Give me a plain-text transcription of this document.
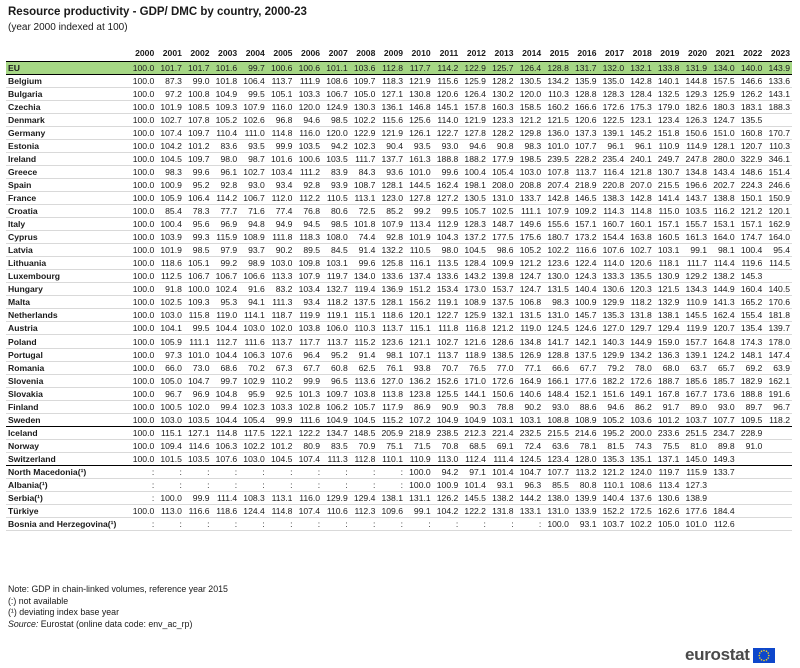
Resource productivity - GDP/ DMC by country, 2000-23
(year 2000 indexed at 100)
	2000	2001	2002	2003	2004	2005	2006	2007	2008	2009	2010	2011	2012	2013	2014	2015	2016	2017	2018	2019	2020	2021	2022	2023
EU	100.0	101.7	101.7	101.6	99.7	100.6	100.6	101.1	103.6	112.8	117.7	114.2	122.9	125.7	126.4	128.8	131.7	132.0	132.1	133.8	131.9	134.0	140.0	143.9
Belgium	100.0	87.3	99.0	101.8	106.4	113.7	111.9	108.6	109.7	118.3	121.9	115.6	125.9	128.2	130.5	134.2	135.9	135.0	142.8	140.1	144.8	157.5	146.6	133.6
Bulgaria	100.0	97.2	100.8	104.9	99.5	105.1	103.3	106.7	105.0	127.1	130.8	120.6	126.4	130.2	120.0	110.3	128.8	128.3	128.4	132.5	129.3	125.9	126.2	143.1
Czechia	100.0	101.9	108.5	109.3	107.9	116.0	120.0	124.9	130.3	136.1	146.8	145.1	157.8	160.3	158.5	160.2	166.6	172.6	175.3	179.0	182.6	180.3	183.1	188.3
Denmark	100.0	102.7	107.8	105.2	102.6	96.8	94.6	98.5	102.2	115.6	125.6	114.0	121.9	123.3	121.2	121.5	120.6	122.5	123.1	123.4	126.3	124.7	135.5	
Germany	100.0	107.4	109.7	110.4	111.0	114.8	116.0	120.0	122.9	121.9	126.1	122.7	127.8	128.2	129.8	136.0	137.3	139.1	145.2	151.8	150.6	151.0	160.8	170.7
Estonia	100.0	104.2	101.2	83.6	93.5	99.9	103.5	94.2	102.3	90.4	93.5	93.0	94.6	90.8	98.3	101.0	107.7	96.1	96.1	110.9	114.9	128.1	120.7	110.3
Ireland	100.0	104.5	109.7	98.0	98.7	101.6	100.6	103.5	111.7	137.7	161.3	188.8	188.2	177.9	198.5	239.5	228.2	235.4	240.1	249.7	247.8	280.0	322.9	346.1
Greece	100.0	98.3	99.6	96.1	102.7	103.4	111.2	83.9	84.3	93.6	101.0	99.6	100.4	105.4	103.0	107.8	113.7	116.4	121.8	130.7	134.8	143.4	148.6	151.4
Spain	100.0	100.9	95.2	92.8	93.0	93.4	92.8	93.9	108.7	128.1	144.5	162.4	198.1	208.0	208.8	207.4	218.9	220.8	207.0	215.5	196.6	202.7	224.3	246.6
France	100.0	105.9	106.4	114.2	106.7	112.0	112.2	110.5	113.1	123.0	127.8	127.2	130.5	131.0	133.7	142.8	146.5	138.3	142.8	141.4	143.7	138.8	150.1	150.9
Croatia	100.0	85.4	78.3	77.7	71.6	77.4	76.8	80.6	72.5	85.2	99.2	99.5	105.7	102.5	111.1	107.9	109.2	114.3	114.8	115.0	103.5	116.2	121.2	120.1
Italy	100.0	100.4	95.6	96.9	94.8	94.9	94.5	98.5	101.8	107.9	113.4	112.9	128.3	148.7	149.6	155.6	157.1	160.7	160.1	157.1	155.7	153.1	157.1	162.9
Cyprus	100.0	103.9	99.3	115.9	108.9	111.8	118.3	108.0	74.4	92.8	101.9	104.3	137.2	177.5	175.6	180.7	173.2	154.4	163.8	160.5	161.3	164.0	174.7	164.0
Latvia	100.0	101.9	98.5	97.9	93.7	90.2	89.5	84.5	91.4	132.2	110.5	98.0	104.5	98.6	105.2	102.2	116.6	107.6	102.7	103.1	99.1	98.1	100.4	95.4
Lithuania	100.0	118.6	105.1	99.2	98.9	103.0	109.8	103.1	99.6	125.8	116.1	113.5	128.4	109.9	121.2	123.6	122.4	114.0	120.6	118.1	111.7	114.4	119.6	114.5
Luxembourg	100.0	112.5	106.7	106.7	106.6	113.3	107.9	119.7	134.0	133.6	137.4	133.6	143.2	139.8	124.7	130.0	124.3	133.3	135.5	130.9	129.2	138.2	145.3	
Hungary	100.0	91.8	100.0	102.4	91.6	83.2	103.4	132.7	119.4	136.9	151.2	153.4	173.0	153.7	124.7	131.5	140.4	130.6	120.3	121.5	134.3	144.9	160.4	140.5
Malta	100.0	102.5	109.3	95.3	94.1	111.3	93.4	118.2	137.5	128.1	156.2	119.1	108.9	137.5	106.8	98.3	100.9	129.9	118.2	132.9	110.9	141.3	165.2	170.6
Netherlands	100.0	103.0	115.8	119.0	114.1	118.7	119.9	119.1	115.1	118.6	120.1	122.7	125.9	132.1	131.5	131.0	145.7	135.3	131.8	138.1	145.5	162.4	155.4	181.8
Austria	100.0	104.1	99.5	104.4	103.0	102.0	103.8	106.0	110.3	113.7	115.1	111.8	116.8	121.2	119.0	124.5	124.6	127.0	129.7	129.4	119.9	120.7	135.4	139.7
Poland	100.0	105.9	111.1	112.7	111.6	113.7	117.7	113.7	115.2	123.6	121.1	102.7	121.6	128.6	134.8	141.7	142.1	140.3	144.9	159.0	157.7	164.8	174.3	178.0
Portugal	100.0	97.3	101.0	104.4	106.3	107.6	96.4	95.2	91.4	98.1	107.1	113.7	118.9	138.5	126.9	128.8	137.5	129.9	134.2	136.3	139.1	124.2	148.1	147.4
Romania	100.0	66.0	73.0	68.6	70.2	67.3	67.7	60.8	62.5	76.1	93.8	70.7	76.5	77.0	77.1	66.6	67.7	79.2	78.0	68.0	63.7	65.7	69.2	63.9
Slovenia	100.0	105.0	104.7	99.7	102.9	110.2	99.9	96.5	113.6	127.0	136.2	152.6	171.0	172.6	164.9	166.1	177.6	182.2	172.6	188.7	185.6	185.7	182.9	162.1
Slovakia	100.0	96.7	96.9	104.8	95.9	92.5	101.3	109.7	103.8	113.8	123.8	125.5	144.1	150.6	140.6	148.4	152.1	151.6	149.1	167.8	167.7	173.6	188.8	191.6
Finland	100.0	100.5	102.0	99.4	102.3	103.3	102.8	106.2	105.7	117.9	86.9	90.9	90.3	78.8	90.2	93.0	88.6	94.6	86.2	91.7	89.0	93.0	89.7	96.7
Sweden	100.0	103.0	103.5	104.4	105.4	99.9	111.6	104.9	104.5	115.2	107.2	104.9	104.9	103.1	103.1	108.8	108.9	105.2	103.6	101.2	103.7	107.7	109.5	118.2
Iceland	100.0	115.1	127.1	114.8	117.5	122.1	122.2	134.7	148.5	205.9	218.9	238.5	212.3	221.4	232.5	215.5	214.6	195.2	200.0	233.6	251.5	234.7	228.9	
Norway	100.0	109.4	114.6	106.3	102.2	101.2	80.9	83.5	70.9	75.1	71.5	70.8	68.5	69.1	72.4	63.6	78.1	81.5	74.3	75.5	81.0	89.8	91.0	
Switzerland	100.0	101.5	103.5	107.6	103.0	104.5	107.4	111.3	112.8	110.1	110.9	113.0	112.4	111.4	124.5	123.4	128.0	135.3	135.1	137.1	145.0	149.3		
North Macedonia(¹)	:	:	:	:	:	:	:	:	:	:	100.0	94.2	97.1	101.4	104.7	107.7	113.2	121.2	124.0	119.7	115.9	133.7		
Albania(¹)	:	:	:	:	:	:	:	:	:	:	100.0	100.9	101.4	93.1	96.3	85.5	80.8	110.1	108.6	113.4	127.3			
Serbia(¹)	:	100.0	99.9	111.4	108.3	113.1	116.0	129.9	129.4	138.1	131.1	126.2	145.5	138.2	144.2	138.0	139.9	140.4	137.6	130.6	138.9			
Türkiye	100.0	113.0	116.6	118.6	124.4	114.8	107.4	110.6	112.3	109.6	99.1	104.2	122.2	131.8	133.1	131.0	133.9	152.2	172.5	162.6	177.6	184.4		
Bosnia and Herzegovina(¹)	:	:	:	:	:	:	:	:	:	:	:	:	:	:	:	100.0	93.1	103.7	102.2	105.0	101.0	112.6		
Note: GDP in chain-linked volumes, reference year 2015
(:) not available
(¹) deviating index base year
Source: Eurostat (online data code: env_ac_rp)
eurostat
